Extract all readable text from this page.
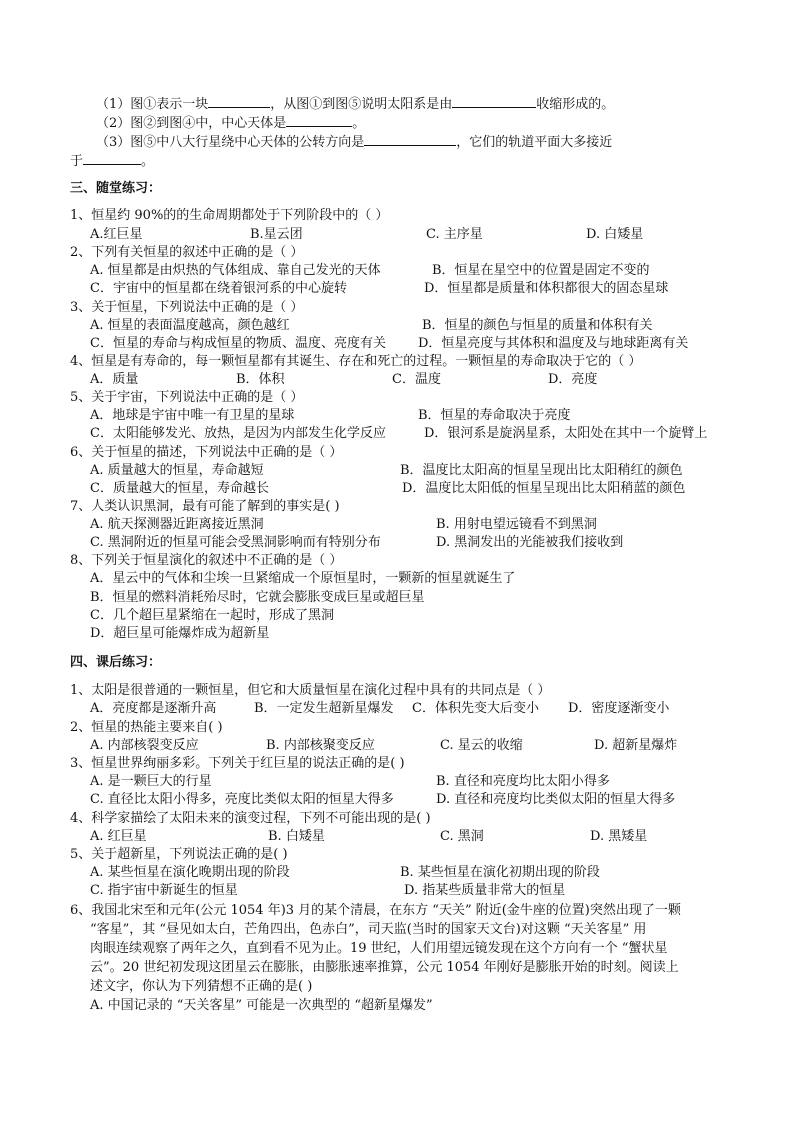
（1）图①表示一块	，从图①到图⑤说明太阳系是由	收缩形成的。
（2）图②到图④中，中心天体是	。
（3）图⑤中八大行星绕中心天体的公转方向是	，它们的轨道平面大多接近
于	。
三、随堂练习：
1、恒星约 90%的的生命周期都处于下列阶段中的（ ）
A.红巨星	B.星云团	C. 主序星	D. 白矮星
2、下列有关恒星的叙述中正确的是（ ）
A. 恒星都是由炽热的气体组成、靠自己发光的天体	B．恒星在星空中的位置是固定不变的
C．宇宙中的恒星都在绕着银河系的中心旋转	D．恒星都是质量和体积都很大的固态星球
3、关于恒星，下列说法中正确的是（ ）
A. 恒星的表面温度越高，颜色越红	B．恒星的颜色与恒星的质量和体积有关
C．恒星的寿命与构成恒星的物质、温度、亮度有关 D．恒星亮度与其体积和温度及与地球距离有关
4、恒星是有寿命的，每一颗恒星都有其诞生、存在和死亡的过程。一颗恒星的寿命取决于它的（ ）
A．质量	B．体积	C．温度	D．亮度
5、关于宇宙，下列说法中正确的是（ ）
A．地球是宇宙中唯一有卫星的星球	B．恒星的寿命取决于亮度
C．太阳能够发光、放热，是因为内部发生化学反应	D．银河系是旋涡星系，太阳处在其中一个旋臂上
6、关于恒星的描述，下列说法中正确的是（ ）
A. 质量越大的恒星，寿命越短	B．温度比太阳高的恒星呈现出比太阳稍红的颜色
C．质量越大的恒星，寿命越长	D．温度比太阳低的恒星呈现出比太阳稍蓝的颜色
7、人类认识黑洞，最有可能了解到的事实是( )
A. 航天探测器近距离接近黑洞	B. 用射电望远镜看不到黑洞
C. 黑洞附近的恒星可能会受黑洞影响而有特别分布	D. 黑洞发出的光能被我们接收到
8、下列关于恒星演化的叙述中不正确的是（ ）
A．星云中的气体和尘埃一旦紧缩成一个原恒星时，一颗新的恒星就诞生了
B．恒星的燃料消耗殆尽时，它就会膨胀变成巨星或超巨星
C．几个超巨星紧缩在一起时，形成了黑洞
D．超巨星可能爆炸成为超新星
四、课后练习：
1、太阳是很普通的一颗恒星，但它和大质量恒星在演化过程中具有的共同点是（ ）
A．亮度都是逐渐升高	B．一定发生超新星爆发 C．体积先变大后变小 D．密度逐渐变小
2、恒星的热能主要来自( )
A. 内部核裂变反应	B. 内部核聚变反应	C. 星云的收缩	D. 超新星爆炸
3、恒星世界绚丽多彩。下列关于红巨星的说法正确的是( )
A. 是一颗巨大的行星	B. 直径和亮度均比太阳小得多
C. 直径比太阳小得多，亮度比类似太阳的恒星大得多	D. 直径和亮度均比类似太阳的恒星大得多
4、科学家描绘了太阳未来的演变过程，下列不可能出现的是( )
A. 红巨星	B. 白矮星	C. 黑洞	D. 黑矮星
5、关于超新星，下列说法正确的是( )
A. 某些恒星在演化晚期出现的阶段	B. 某些恒星在演化初期出现的阶段
C. 指宇宙中新诞生的恒星	D. 指某些质量非常大的恒星
6、我国北宋至和元年(公元 1054 年)3 月的某个清晨，在东方 “天关” 附近(金牛座的位置)突然出现了一颗
“客星”，其 “昼见如太白，芒角四出，色赤白”，司天监(当时的国家天文台)对这颗 “天关客星” 用
肉眼连续观察了两年之久，直到看不见为止。19 世纪，人们用望远镜发现在这个方向有一个 “蟹状星
云”。20 世纪初发现这团星云在膨胀，由膨胀速率推算，公元 1054 年刚好是膨胀开始的时刻。阅读上
述文字，你认为下列猜想不正确的是( )
A. 中国记录的 “天关客星” 可能是一次典型的 “超新星爆发”
